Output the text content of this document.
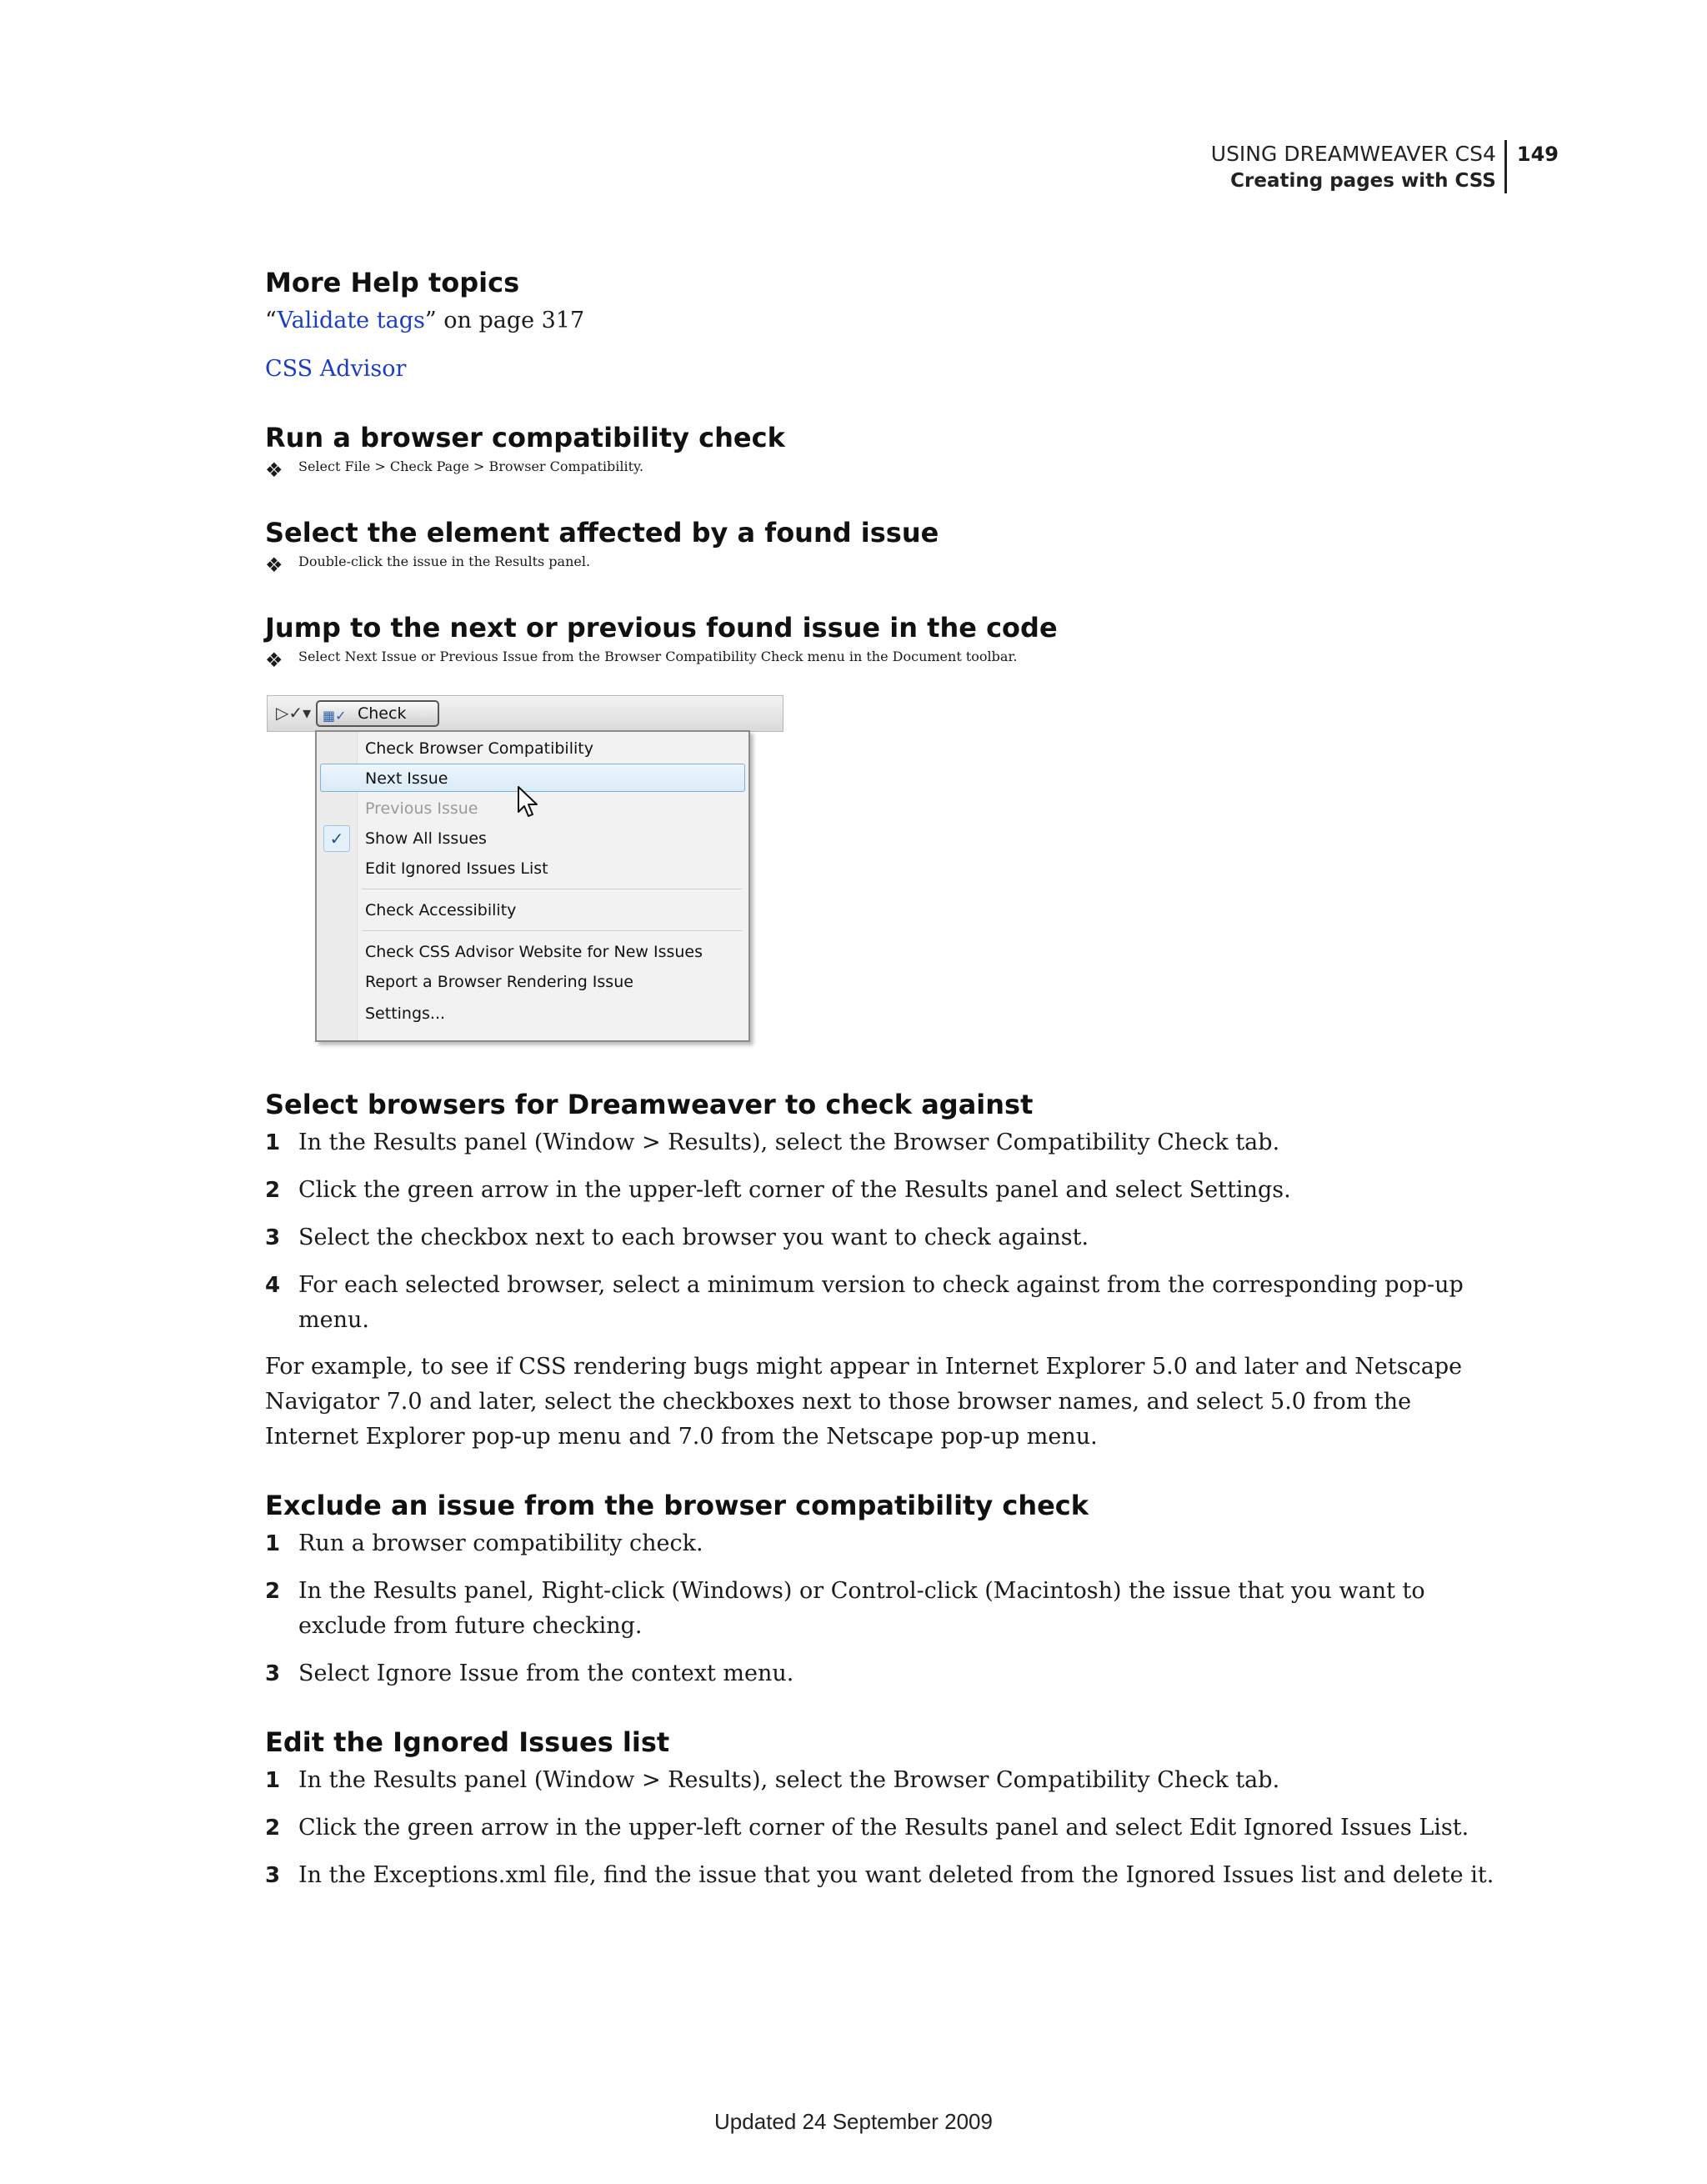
USING DREAMWEAVER CS4
Creating pages with CSS
149
More Help topics

“Validate tags” on page 317

CSS Advisor

Run a browser compatibility check
❖	Select File > Check Page > Browser Compatibility.
Select the element affected by a found issue
❖	Double-click the issue in the Results panel.
Jump to the next or previous found issue in the code
❖	Select Next Issue or Previous Issue from the Browser Compatibility Check menu in the Document toolbar.
▷✓▾ ▦✓ Check
Check Browser Compatibility
Next Issue
Previous Issue
✓	Show All Issues
Edit Ignored Issues List
Check Accessibility
Check CSS Advisor Website for New Issues
Report a Browser Rendering Issue
Settings...
Select browsers for Dreamweaver to check against
1 In the Results panel (Window > Results), select the Browser Compatibility Check tab.
2 Click the green arrow in the upper-left corner of the Results panel and select Settings.
3 Select the checkbox next to each browser you want to check against.
4 For each selected browser, select a minimum version to check against from the corresponding pop-up menu.

For example, to see if CSS rendering bugs might appear in Internet Explorer 5.0 and later and Netscape Navigator 7.0 and later, select the checkboxes next to those browser names, and select 5.0 from the Internet Explorer pop-up menu and 7.0 from the Netscape pop-up menu.

Exclude an issue from the browser compatibility check
1 Run a browser compatibility check.
2 In the Results panel, Right-click (Windows) or Control-click (Macintosh) the issue that you want to exclude from future checking.
3 Select Ignore Issue from the context menu.
Edit the Ignored Issues list
1 In the Results panel (Window > Results), select the Browser Compatibility Check tab.
2 Click the green arrow in the upper-left corner of the Results panel and select Edit Ignored Issues List.
3 In the Exceptions.xml file, find the issue that you want deleted from the Ignored Issues list and delete it.
Updated 24 September 2009
